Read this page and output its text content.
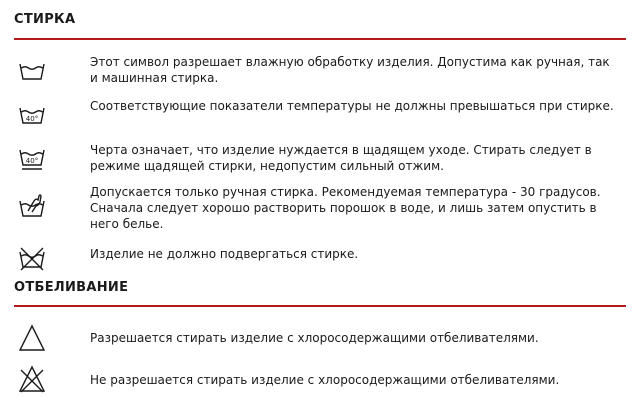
СТИРКА
Этот символ разрешает влажную обработку изделия. Допустима как ручная, так и машинная стирка.
40°
Соответствующие показатели температуры не должны превышаться при стирке.
40°
Черта означает, что изделие нуждается в щадящем уходе. Стирать следует в режиме щадящей стирки, недопустим сильный отжим.
Допускается только ручная стирка. Рекомендуемая температура - 30 градусов. Сначала следует хорошо растворить порошок в воде, и лишь затем опустить в него белье.
Изделие не должно подвергаться стирке.
ОТБЕЛИВАНИЕ
Разрешается стирать изделие с хлоросодержащими отбеливателями.
Не разрешается стирать изделие с хлоросодержащими отбеливателями.
